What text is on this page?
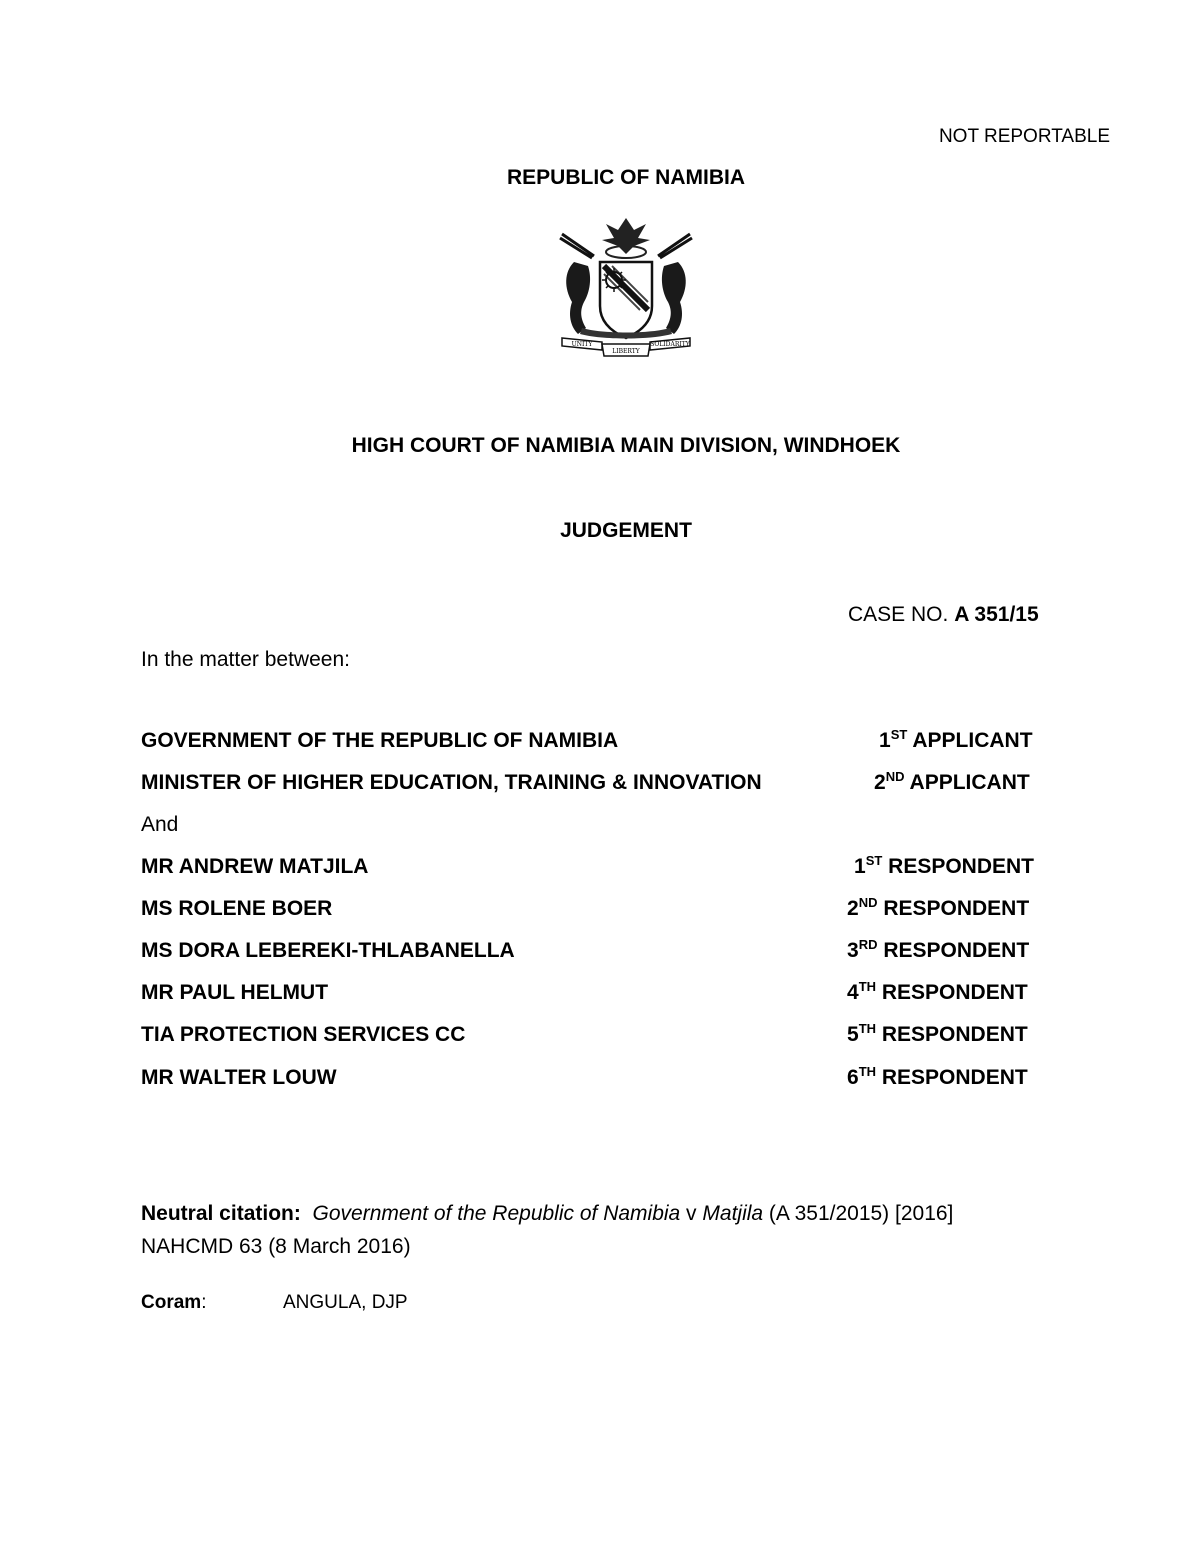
NOT REPORTABLE
REPUBLIC OF NAMIBIA
UNITY	SOLIDARITY
LIBERTY
HIGH COURT OF NAMIBIA MAIN DIVISION, WINDHOEK
JUDGEMENT
CASE NO. A 351/15
In the matter between:
GOVERNMENT OF THE REPUBLIC OF NAMIBIA	1ST APPLICANT
MINISTER OF HIGHER EDUCATION, TRAINING & INNOVATION	2ND APPLICANT
And
MR ANDREW MATJILA	1ST RESPONDENT
MS ROLENE BOER	2ND RESPONDENT
MS DORA LEBEREKI-THLABANELLA	3RD RESPONDENT
MR PAUL HELMUT	4TH RESPONDENT
TIA PROTECTION SERVICES CC	5TH RESPONDENT
MR WALTER LOUW	6TH RESPONDENT
Neutral citation: Government of the Republic of Namibia v Matjila (A 351/2015) [2016] NAHCMD 63 (8 March 2016)
Coram:	ANGULA, DJP
